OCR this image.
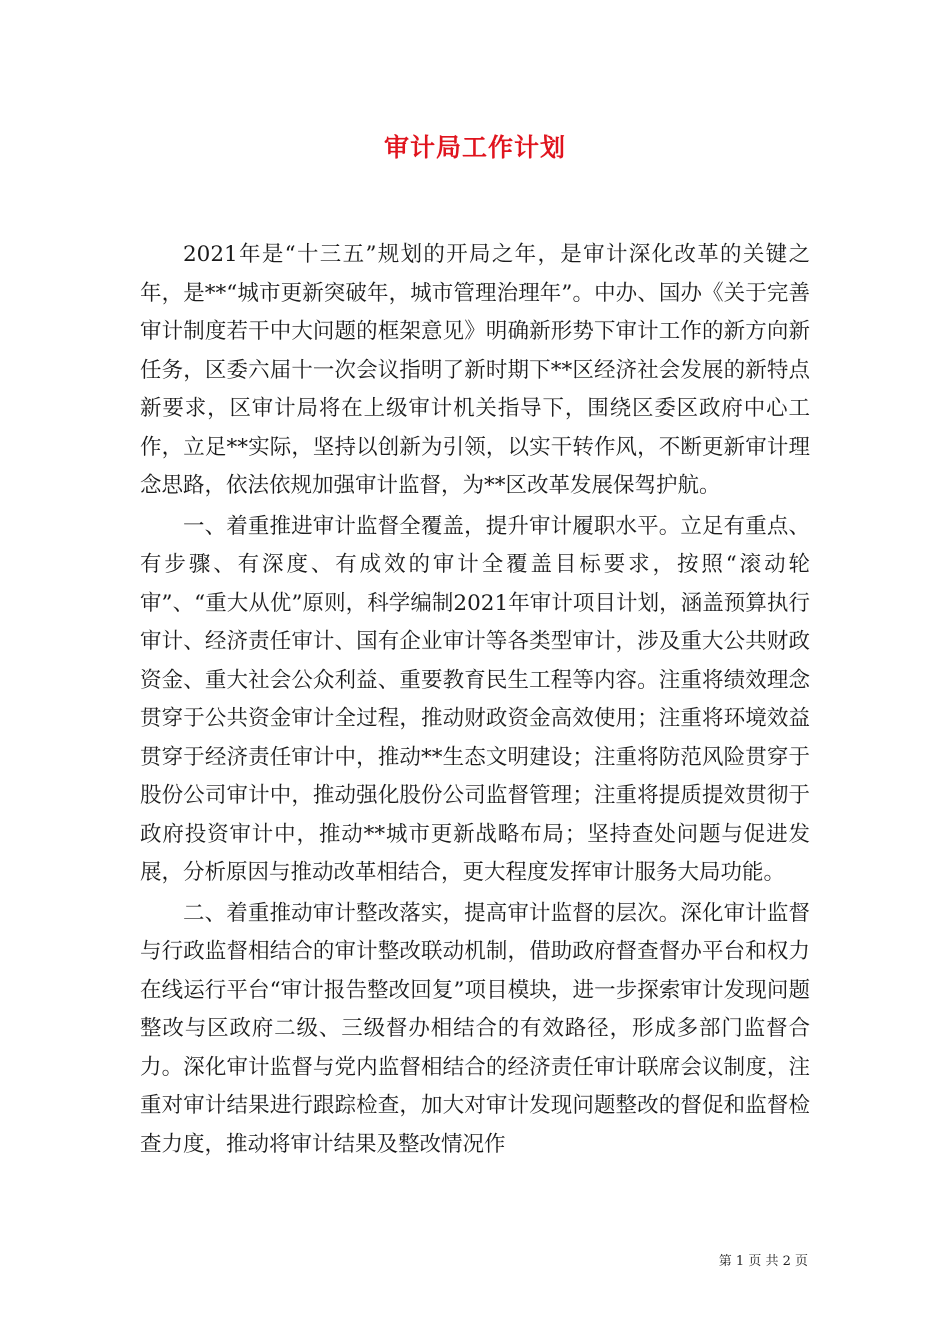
审计局工作计划

2021年是“十三五”规划的开局之年，是审计深化改革的关键之年，是**“城市更新突破年，城市管理治理年”。中办、国办《关于完善审计制度若干中大问题的框架意见》明确新形势下审计工作的新方向新任务，区委六届十一次会议指明了新时期下**区经济社会发展的新特点新要求，区审计局将在上级审计机关指导下，围绕区委区政府中心工作，立足**实际，坚持以创新为引领，以实干转作风，不断更新审计理念思路，依法依规加强审计监督，为**区改革发展保驾护航。

一、着重推进审计监督全覆盖，提升审计履职水平。立足有重点、有步骤、有深度、有成效的审计全覆盖目标要求，按照“滚动轮审”、“重大从优”原则，科学编制2021年审计项目计划，涵盖预算执行审计、经济责任审计、国有企业审计等各类型审计，涉及重大公共财政资金、重大社会公众利益、重要教育民生工程等内容。注重将绩效理念贯穿于公共资金审计全过程，推动财政资金高效使用；注重将环境效益贯穿于经济责任审计中，推动**生态文明建设；注重将防范风险贯穿于股份公司审计中，推动强化股份公司监督管理；注重将提质提效贯彻于政府投资审计中，推动**城市更新战略布局；坚持查处问题与促进发展，分析原因与推动改革相结合，更大程度发挥审计服务大局功能。

二、着重推动审计整改落实，提高审计监督的层次。深化审计监督与行政监督相结合的审计整改联动机制，借助政府督查督办平台和权力在线运行平台“审计报告整改回复”项目模块，进一步探索审计发现问题整改与区政府二级、三级督办相结合的有效路径，形成多部门监督合力。深化审计监督与党内监督相结合的经济责任审计联席会议制度，注重对审计结果进行跟踪检查，加大对审计发现问题整改的督促和监督检查力度，推动将审计结果及整改情况作

第 1 页 共 2 页
